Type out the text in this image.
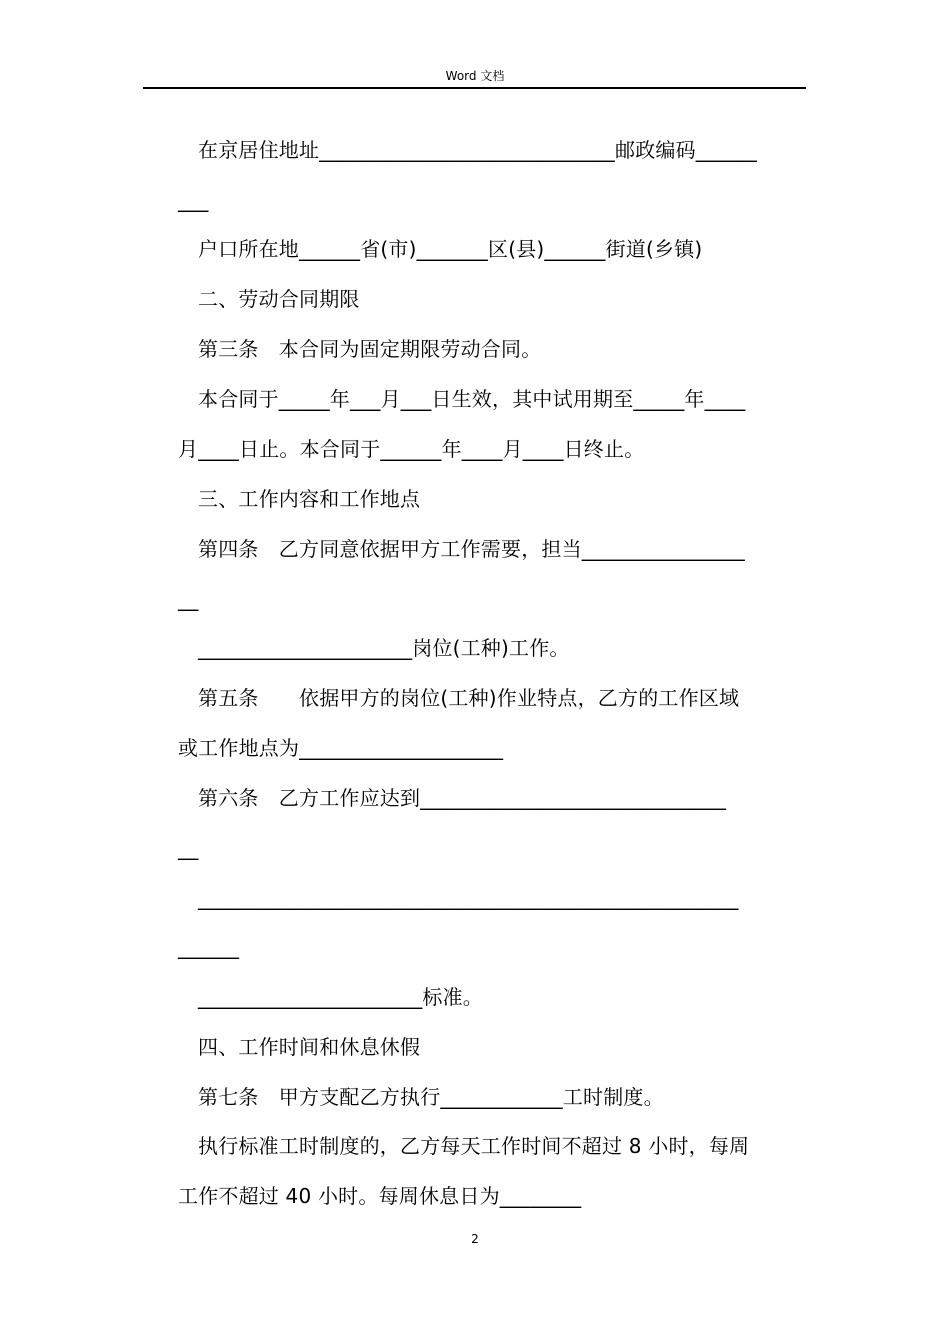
Word 文档
在京居住地址_____________________________邮政编码______
___
户口所在地______省(市)_______区(县)______街道(乡镇)
二、劳动合同期限
第三条　本合同为固定期限劳动合同。
本合同于_____年___月___日生效，其中试用期至_____年____
月____日止。本合同于______年____月____日终止。
三、工作内容和工作地点
第四条　乙方同意依据甲方工作需要，担当________________
__
_____________________岗位(工种)工作。
第五条　　依据甲方的岗位(工种)作业特点，乙方的工作区域
或工作地点为____________________
第六条　乙方工作应达到______________________________
__
_____________________________________________________
______
______________________标准。
四、工作时间和休息休假
第七条　甲方支配乙方执行____________工时制度。
执行标准工时制度的，乙方每天工作时间不超过 8 小时，每周
工作不超过 40 小时。每周休息日为________
2
